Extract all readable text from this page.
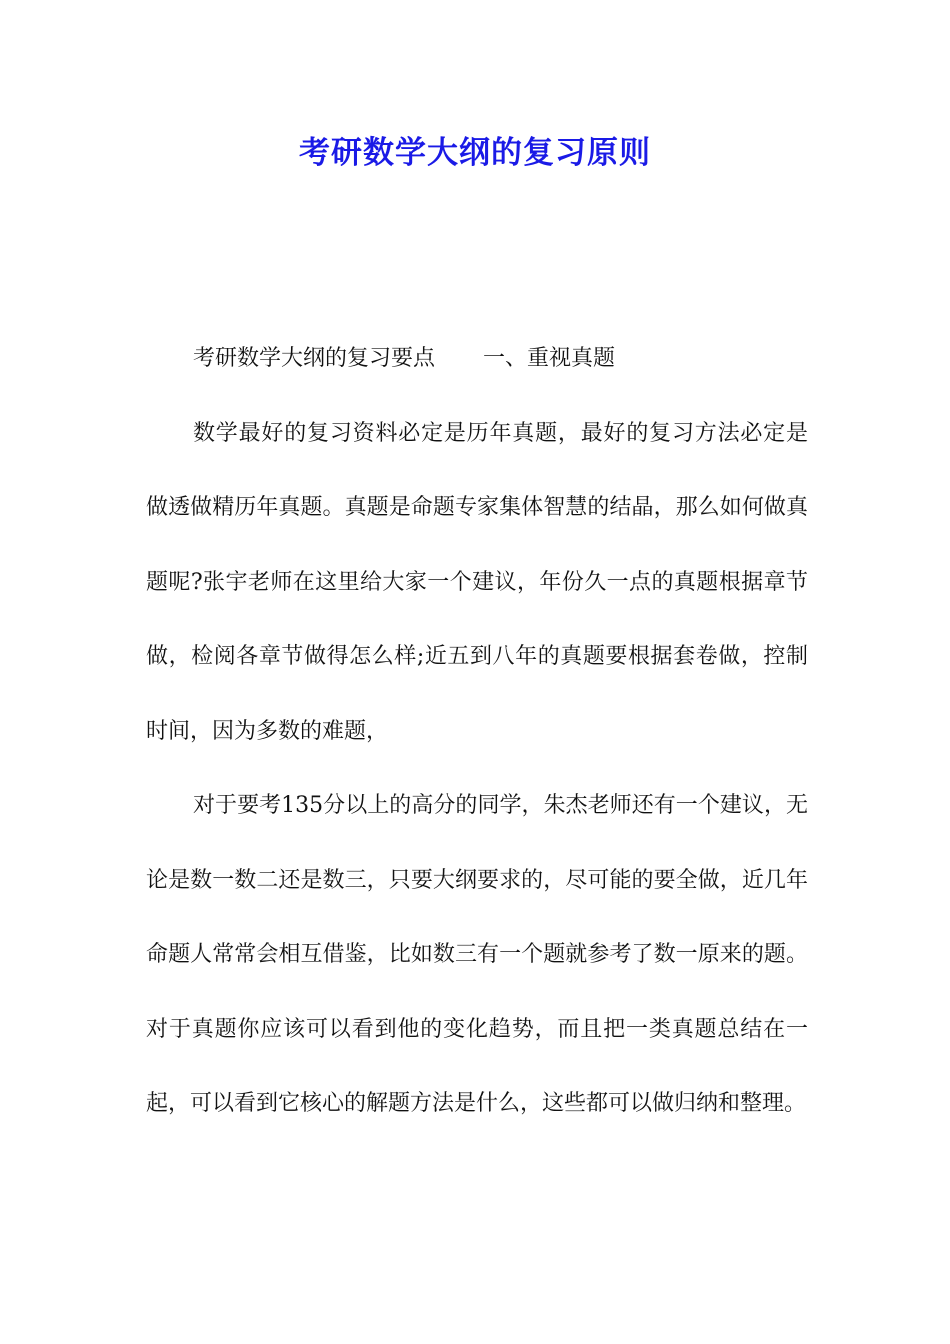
考研数学大纲的复习原则

考研数学大纲的复习要点 一、重视真题

数学最好的复习资料必定是历年真题，最好的复习方法必定是做透做精历年真题。真题是命题专家集体智慧的结晶，那么如何做真题呢?张宇老师在这里给大家一个建议，年份久一点的真题根据章节做，检阅各章节做得怎么样;近五到八年的真题要根据套卷做，控制时间，因为多数的难题，

对于要考135分以上的高分的同学，朱杰老师还有一个建议，无论是数一数二还是数三，只要大纲要求的，尽可能的要全做，近几年命题人常常会相互借鉴，比如数三有一个题就参考了数一原来的题。对于真题你应该可以看到他的变化趋势，而且把一类真题总结在一起，可以看到它核心的解题方法是什么，这些都可以做归纳和整理。
